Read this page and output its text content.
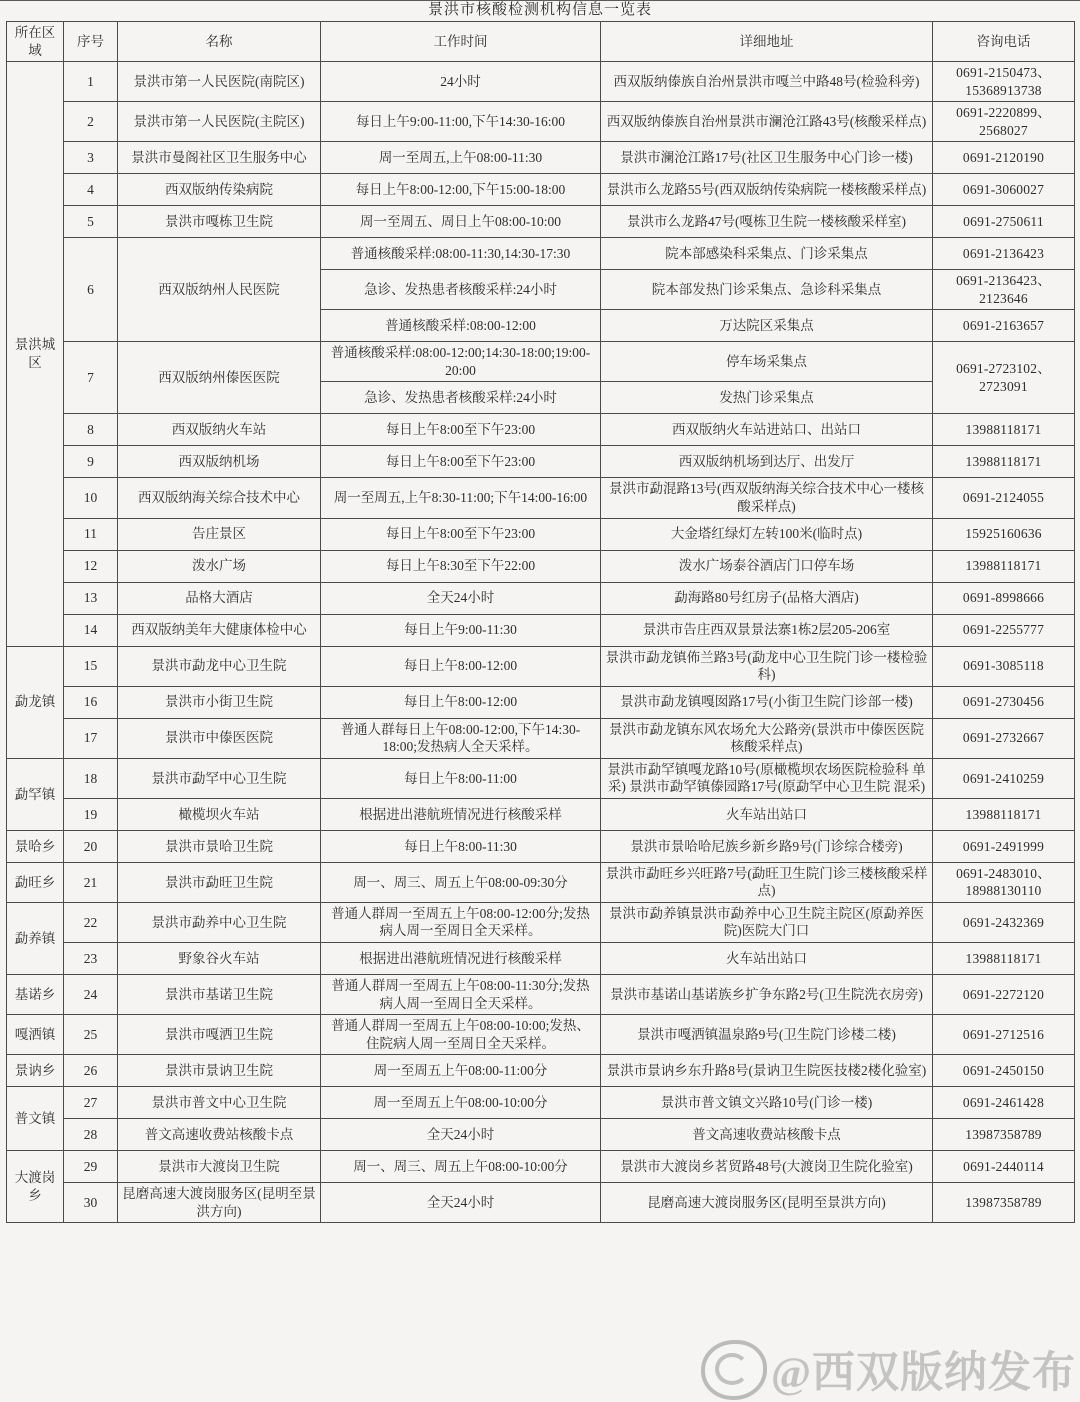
景洪市核酸检测机构信息一览表
所在区域	序号	名称	工作时间	详细地址	咨询电话
景洪城区	1	景洪市第一人民医院(南院区)	24小时	西双版纳傣族自治州景洪市嘎兰中路48号(检验科旁)	0691-2150473、15368913738
	2	景洪市第一人民医院(主院区)	每日上午9:00-11:00,下午14:30-16:00	西双版纳傣族自治州景洪市澜沧江路43号(核酸采样点)	0691-2220899、2568027
	3	景洪市曼阁社区卫生服务中心	周一至周五,上午08:00-11:30	景洪市澜沧江路17号(社区卫生服务中心门诊一楼)	0691-2120190
	4	西双版纳传染病院	每日上午8:00-12:00,下午15:00-18:00	景洪市么龙路55号(西双版纳传染病院一楼核酸采样点)	0691-3060027
	5	景洪市嘎栋卫生院	周一至周五、周日上午08:00-10:00	景洪市么龙路47号(嘎栋卫生院一楼核酸采样室)	0691-2750611
	6	西双版纳州人民医院	普通核酸采样:08:00-11:30,14:30-17:30	院本部感染科采集点、门诊采集点	0691-2136423
			急诊、发热患者核酸采样:24小时	院本部发热门诊采集点、急诊科采集点	0691-2136423、2123646
			普通核酸采样:08:00-12:00	万达院区采集点	0691-2163657
	7	西双版纳州傣医医院	普通核酸采样:08:00-12:00;14:30-18:00;19:00-20:00	停车场采集点	0691-2723102、2723091
			急诊、发热患者核酸采样:24小时	发热门诊采集点	
	8	西双版纳火车站	每日上午8:00至下午23:00	西双版纳火车站进站口、出站口	13988118171
	9	西双版纳机场	每日上午8:00至下午23:00	西双版纳机场到达厅、出发厅	13988118171
	10	西双版纳海关综合技术中心	周一至周五,上午8:30-11:00;下午14:00-16:00	景洪市勐混路13号(西双版纳海关综合技术中心一楼核酸采样点)	0691-2124055
	11	告庄景区	每日上午8:00至下午23:00	大金塔红绿灯左转100米(临时点)	15925160636
	12	泼水广场	每日上午8:30至下午22:00	泼水广场泰谷酒店门口停车场	13988118171
	13	品格大酒店	全天24小时	勐海路80号红房子(品格大酒店)	0691-8998666
	14	西双版纳美年大健康体检中心	每日上午9:00-11:30	景洪市告庄西双景景法寨1栋2层205-206室	0691-2255777
勐龙镇	15	景洪市勐龙中心卫生院	每日上午8:00-12:00	景洪市勐龙镇佈兰路3号(勐龙中心卫生院门诊一楼检验科)	0691-3085118
	16	景洪市小街卫生院	每日上午8:00-12:00	景洪市勐龙镇嘎囡路17号(小街卫生院门诊部一楼)	0691-2730456
	17	景洪市中傣医医院	普通人群每日上午08:00-12:00,下午14:30-18:00;发热病人全天采样。	景洪市勐龙镇东风农场允大公路旁(景洪市中傣医医院核酸采样点)	0691-2732667
勐罕镇	18	景洪市勐罕中心卫生院	每日上午8:00-11:00	景洪市勐罕镇嘎龙路10号(原橄榄坝农场医院检验科 单采) 景洪市勐罕镇傣园路17号(原勐罕中心卫生院 混采)	0691-2410259
	19	橄榄坝火车站	根据进出港航班情况进行核酸采样	火车站出站口	13988118171
景哈乡	20	景洪市景哈卫生院	每日上午8:00-11:30	景洪市景哈哈尼族乡新乡路9号(门诊综合楼旁)	0691-2491999
勐旺乡	21	景洪市勐旺卫生院	周一、周三、周五上午08:00-09:30分	景洪市勐旺乡兴旺路7号(勐旺卫生院门诊三楼核酸采样点)	0691-2483010、18988130110
勐养镇	22	景洪市勐养中心卫生院	普通人群周一至周五上午08:00-12:00分;发热病人周一至周日全天采样。	景洪市勐养镇景洪市勐养中心卫生院主院区(原勐养医院)医院大门口	0691-2432369
	23	野象谷火车站	根据进出港航班情况进行核酸采样	火车站出站口	13988118171
基诺乡	24	景洪市基诺卫生院	普通人群周一至周五上午08:00-11:30分;发热病人周一至周日全天采样。	景洪市基诺山基诺族乡扩争东路2号(卫生院洗衣房旁)	0691-2272120
嘎洒镇	25	景洪市嘎洒卫生院	普通人群周一至周五上午08:00-10:00;发热、住院病人周一至周日全天采样。	景洪市嘎洒镇温泉路9号(卫生院门诊楼二楼)	0691-2712516
景讷乡	26	景洪市景讷卫生院	周一至周五上午08:00-11:00分	景洪市景讷乡东升路8号(景讷卫生院医技楼2楼化验室)	0691-2450150
普文镇	27	景洪市普文中心卫生院	周一至周五上午08:00-10:00分	景洪市普文镇文兴路10号(门诊一楼)	0691-2461428
	28	普文高速收费站核酸卡点	全天24小时	普文高速收费站核酸卡点	13987358789
大渡岗乡	29	景洪市大渡岗卫生院	周一、周三、周五上午08:00-10:00分	景洪市大渡岗乡茗贸路48号(大渡岗卫生院化验室)	0691-2440114
	30	昆磨高速大渡岗服务区(昆明至景洪方向)	全天24小时	昆磨高速大渡岗服务区(昆明至景洪方向)	13987358789
@西双版纳发布
